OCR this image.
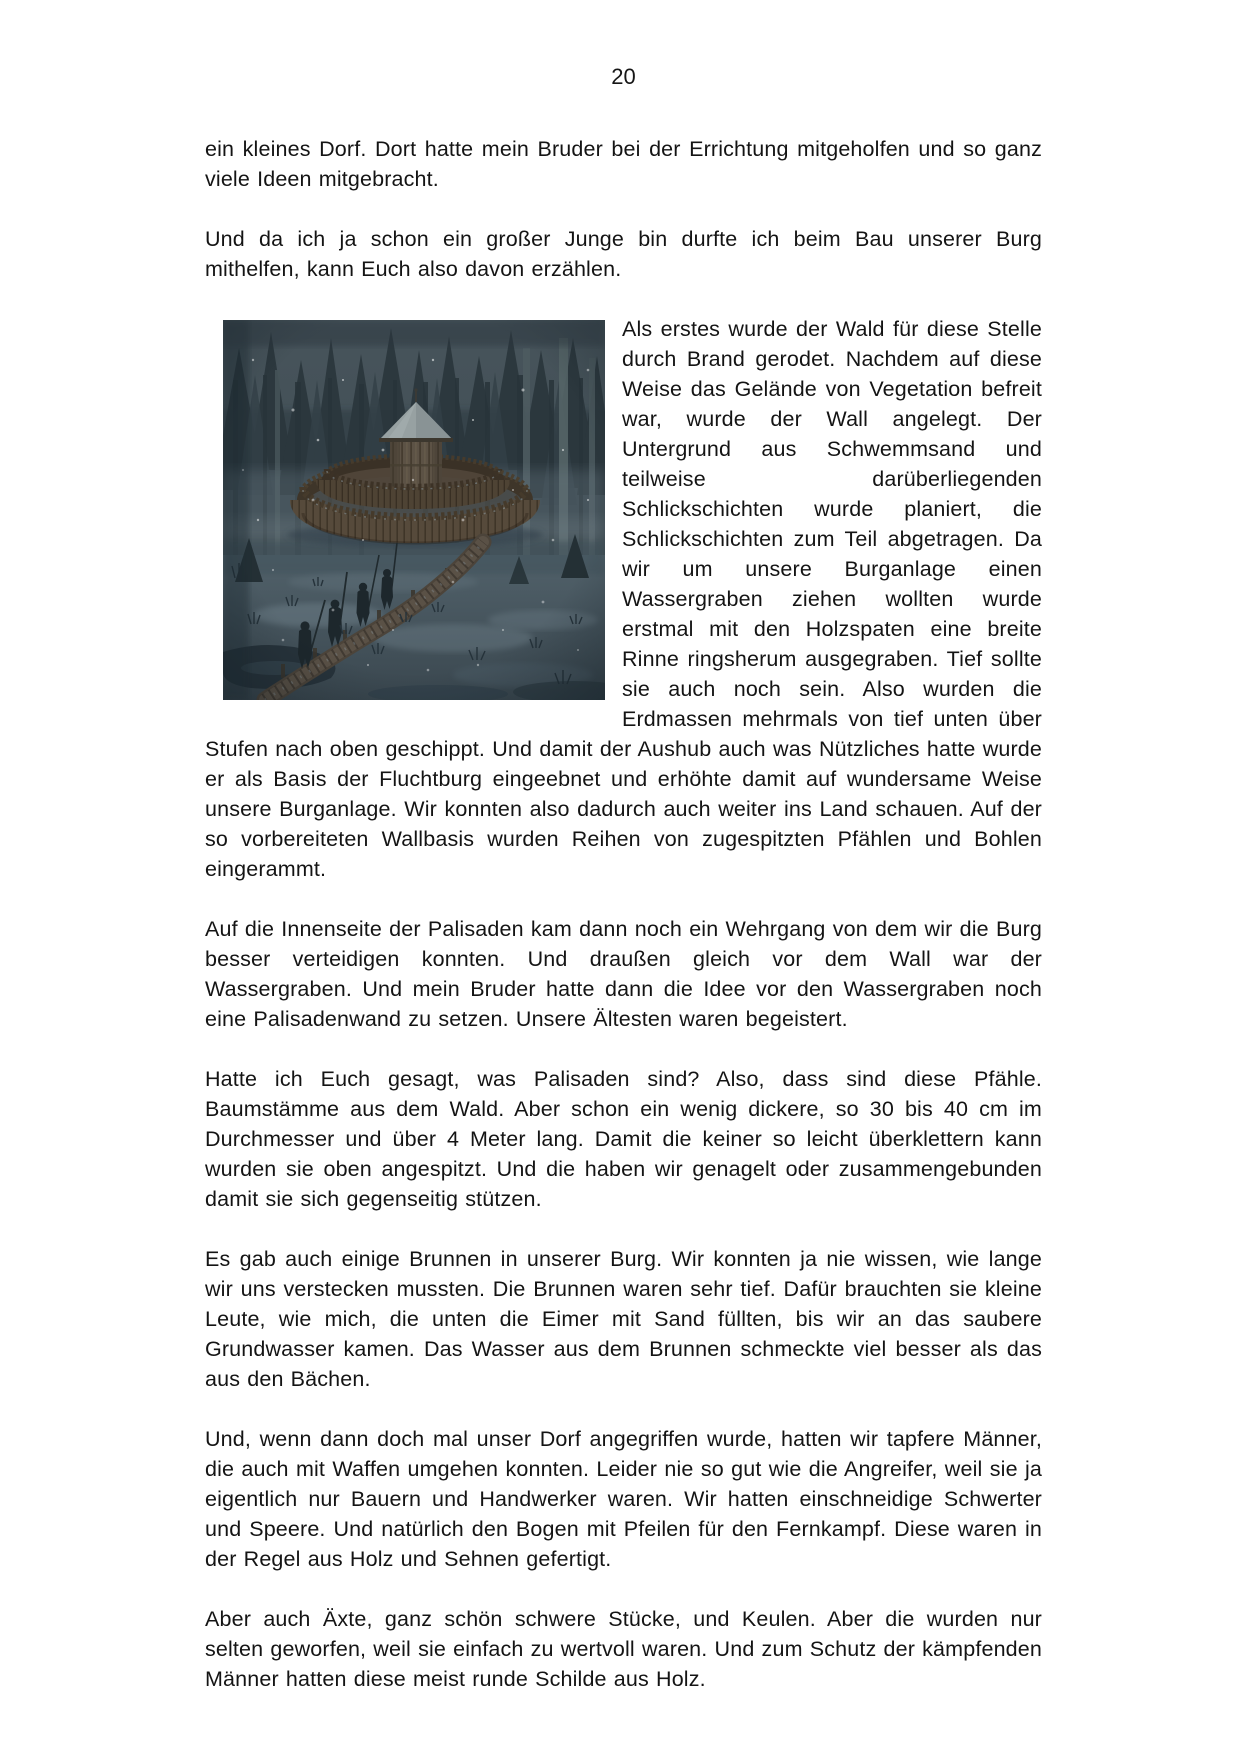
20

ein kleines Dorf. Dort hatte mein Bruder bei der Errichtung mitgeholfen und so ganz viele Ideen mitgebracht.

Und da ich ja schon ein großer Junge bin durfte ich beim Bau unserer Burg mithelfen, kann Euch also davon erzählen.

Als erstes wurde der Wald für diese Stelle durch Brand gerodet. Nachdem auf diese Weise das Gelände von Vegetation befreit war, wurde der Wall angelegt. Der Untergrund aus Schwemmsand und teilweise darüberliegenden Schlickschichten wurde planiert, die Schlickschichten zum Teil abgetragen. Da wir um unsere Burganlage einen Wassergraben ziehen wollten wurde erstmal mit den Holzspaten eine breite Rinne ringsherum ausgegraben. Tief sollte sie auch noch sein. Also wurden die Erdmassen mehrmals von tief unten über Stufen nach oben geschippt. Und damit der Aushub auch was Nützliches hatte wurde er als Basis der Fluchtburg eingeebnet und erhöhte damit auf wundersame Weise unsere Burganlage. Wir konnten also dadurch auch weiter ins Land schauen. Auf der so vorbereiteten Wallbasis wurden Reihen von zugespitzten Pfählen und Bohlen eingerammt.

Auf die Innenseite der Palisaden kam dann noch ein Wehrgang von dem wir die Burg besser verteidigen konnten. Und draußen gleich vor dem Wall war der Wassergraben. Und mein Bruder hatte dann die Idee vor den Wassergraben noch eine Palisadenwand zu setzen. Unsere Ältesten waren begeistert.

Hatte ich Euch gesagt, was Palisaden sind? Also, dass sind diese Pfähle. Baumstämme aus dem Wald. Aber schon ein wenig dickere, so 30 bis 40 cm im Durchmesser und über 4 Meter lang. Damit die keiner so leicht überklettern kann wurden sie oben angespitzt. Und die haben wir genagelt oder zusammengebunden damit sie sich gegenseitig stützen.

Es gab auch einige Brunnen in unserer Burg. Wir konnten ja nie wissen, wie lange wir uns verstecken mussten. Die Brunnen waren sehr tief. Dafür brauchten sie kleine Leute, wie mich, die unten die Eimer mit Sand füllten, bis wir an das saubere Grundwasser kamen. Das Wasser aus dem Brunnen schmeckte viel besser als das aus den Bächen.

Und, wenn dann doch mal unser Dorf angegriffen wurde, hatten wir tapfere Männer, die auch mit Waffen umgehen konnten. Leider nie so gut wie die Angreifer, weil sie ja eigentlich nur Bauern und Handwerker waren. Wir hatten einschneidige Schwerter und Speere. Und natürlich den Bogen mit Pfeilen für den Fernkampf. Diese waren in der Regel aus Holz und Sehnen gefertigt.

Aber auch Äxte, ganz schön schwere Stücke, und Keulen. Aber die wurden nur selten geworfen, weil sie einfach zu wertvoll waren. Und zum Schutz der kämpfenden Männer hatten diese meist runde Schilde aus Holz.
